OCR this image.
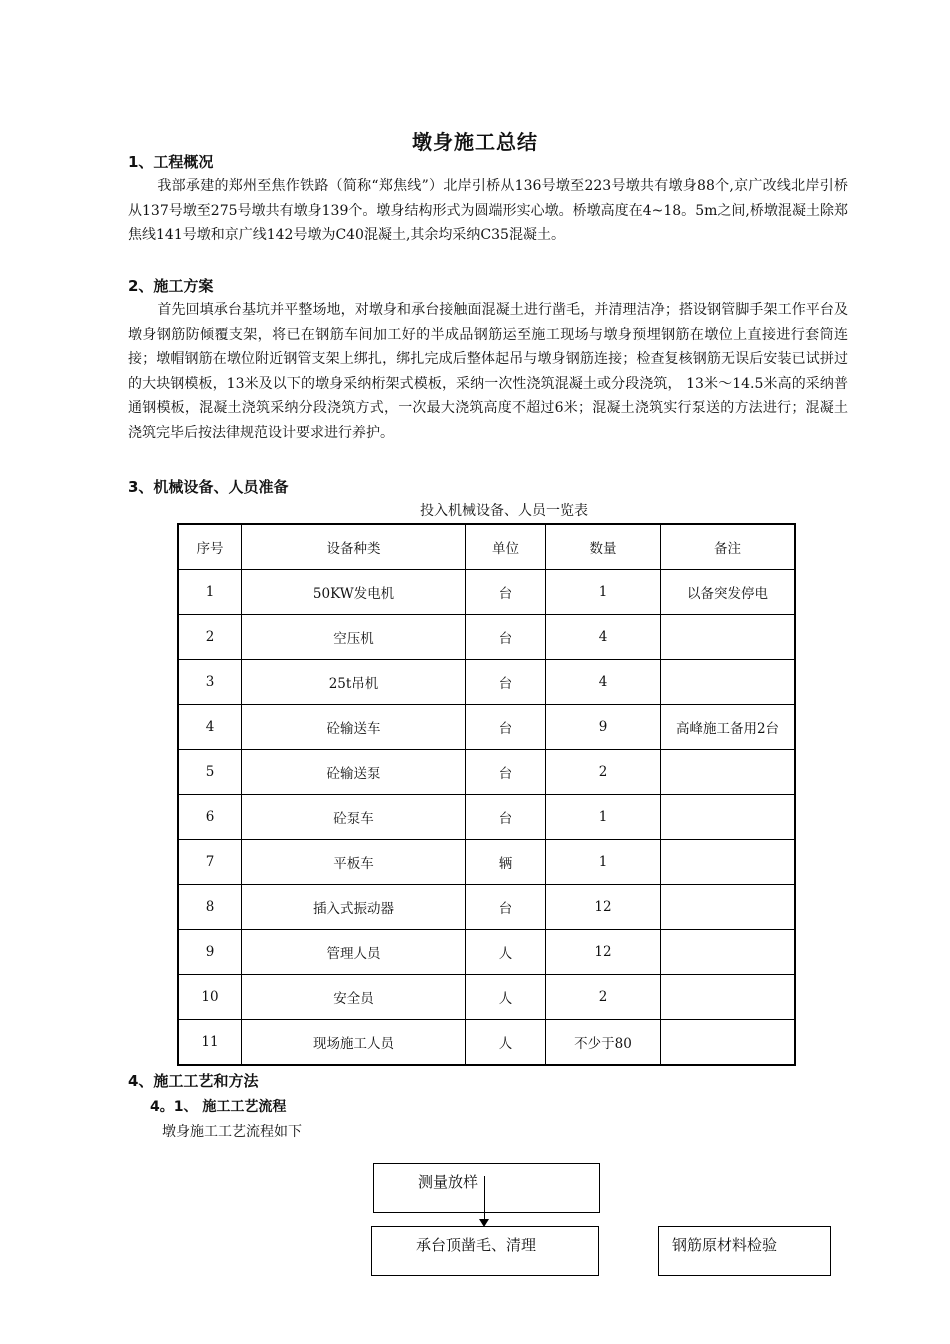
墩身施工总结
1、工程概况

我部承建的郑州至焦作铁路（简称“郑焦线”）北岸引桥从136号墩至223号墩共有墩身88个,京广改线北岸引桥从137号墩至275号墩共有墩身139个。墩身结构形式为圆端形实心墩。桥墩高度在4~18。5m之间,桥墩混凝土除郑焦线141号墩和京广线142号墩为C40混凝土,其余均采纳C35混凝土。

2、施工方案

首先回填承台基坑并平整场地，对墩身和承台接触面混凝土进行凿毛，并清理洁净；搭设钢管脚手架工作平台及墩身钢筋防倾覆支架，将已在钢筋车间加工好的半成品钢筋运至施工现场与墩身预埋钢筋在墩位上直接进行套筒连接；墩帽钢筋在墩位附近钢管支架上绑扎，绑扎完成后整体起吊与墩身钢筋连接；检查复核钢筋无误后安装已试拼过的大块钢模板，13米及以下的墩身采纳桁架式模板，采纳一次性浇筑混凝土或分段浇筑， 13米～14.5米高的采纳普通钢模板，混凝土浇筑采纳分段浇筑方式，一次最大浇筑高度不超过6米；混凝土浇筑实行泵送的方法进行；混凝土浇筑完毕后按法律规范设计要求进行养护。

3、机械设备、人员准备
投入机械设备、人员一览表
序号	设备种类	单位	数量	备注
1	50KW发电机	台	1	以备突发停电
2	空压机	台	4	
3	25t吊机	台	4	
4	砼输送车	台	9	高峰施工备用2台
5	砼输送泵	台	2	
6	砼泵车	台	1	
7	平板车	辆	1	
8	插入式振动器	台	12	
9	管理人员	人	12	
10	安全员	人	2	
11	现场施工人员	人	不少于80	
4、施工工艺和方法
4。1、 施工工艺流程

墩身施工工艺流程如下

测量放样
承台顶凿毛、清理	钢筋原材料检验
